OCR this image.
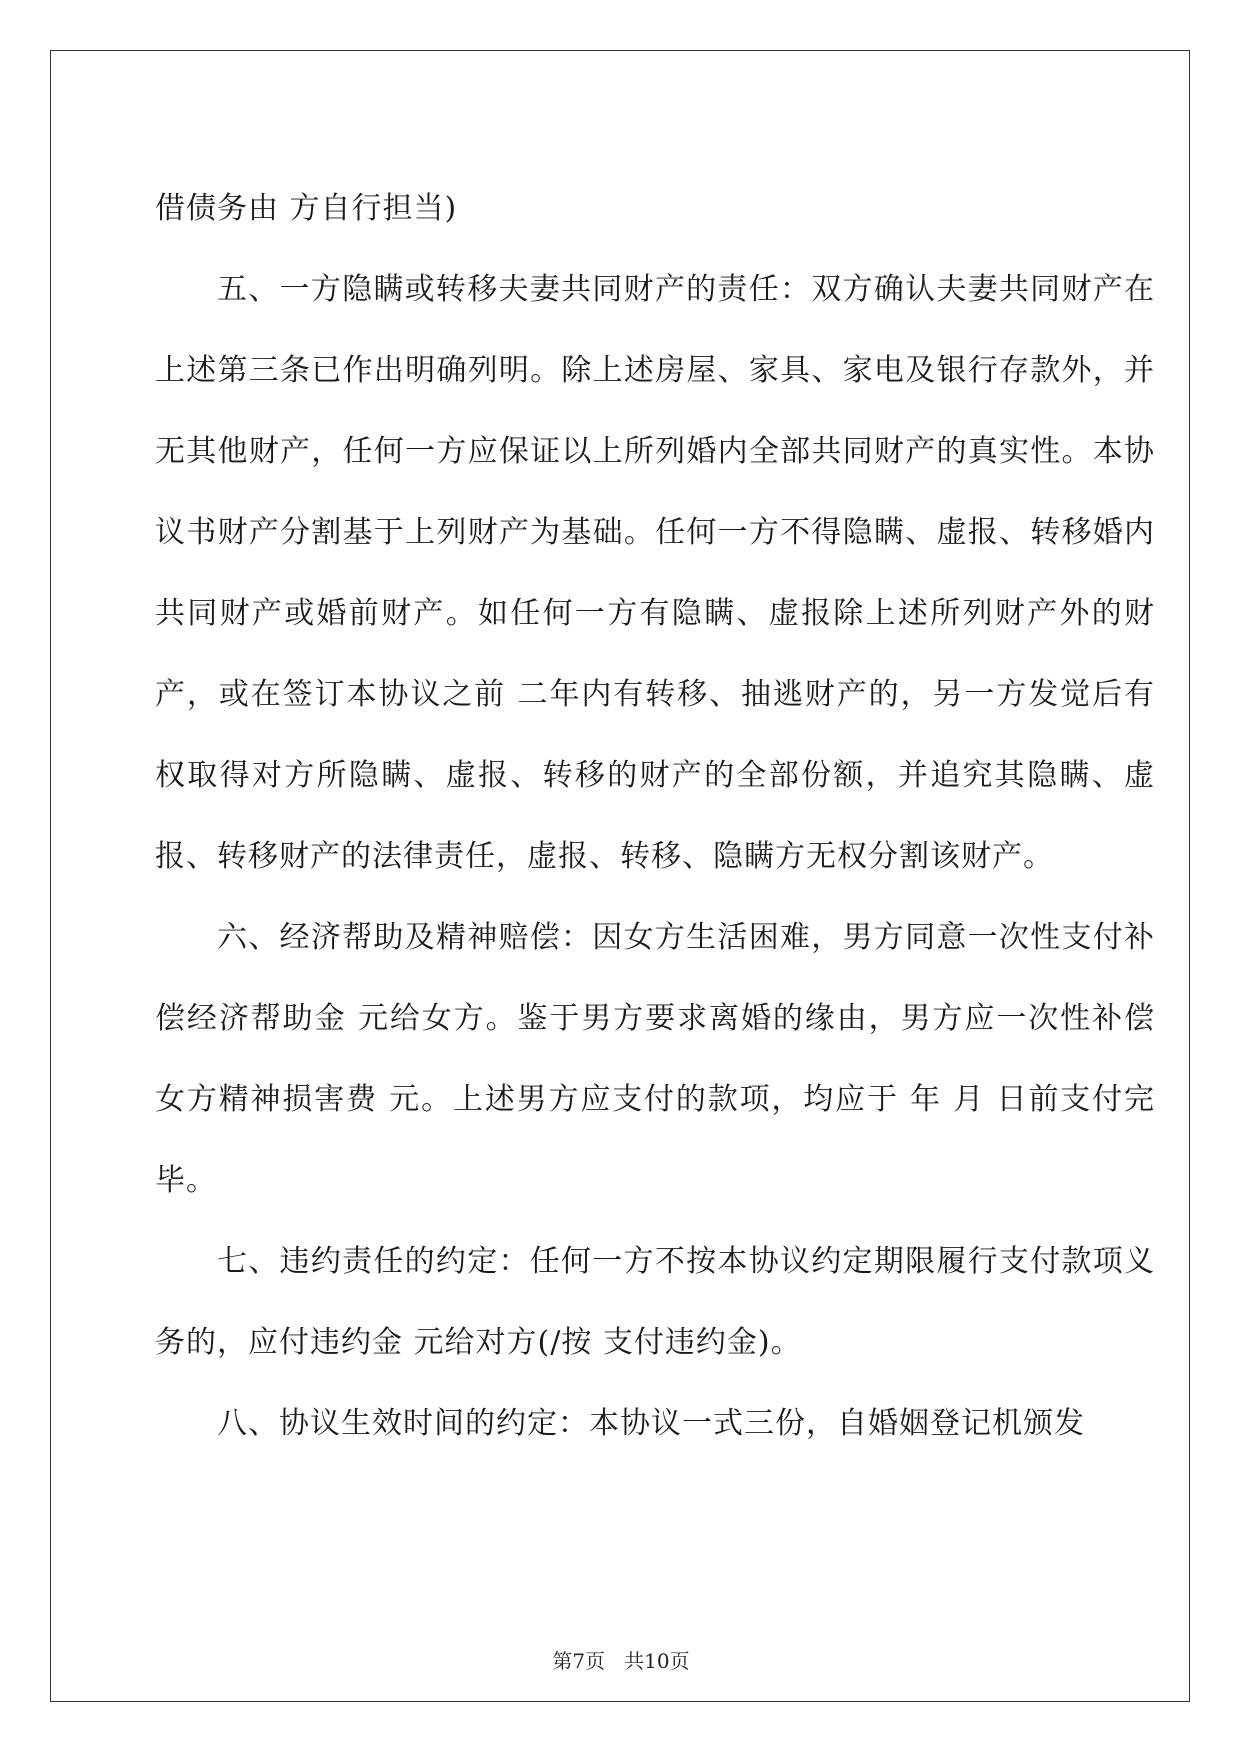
借债务由 方自行担当)

五、一方隐瞒或转移夫妻共同财产的责任：双方确认夫妻共同财产在上述第三条已作出明确列明。除上述房屋、家具、家电及银行存款外，并无其他财产，任何一方应保证以上所列婚内全部共同财产的真实性。本协议书财产分割基于上列财产为基础。任何一方不得隐瞒、虚报、转移婚内共同财产或婚前财产。如任何一方有隐瞒、虚报除上述所列财产外的财产，或在签订本协议之前 二年内有转移、抽逃财产的，另一方发觉后有权取得对方所隐瞒、虚报、转移的财产的全部份额，并追究其隐瞒、虚报、转移财产的法律责任，虚报、转移、隐瞒方无权分割该财产。

六、经济帮助及精神赔偿：因女方生活困难，男方同意一次性支付补偿经济帮助金 元给女方。鉴于男方要求离婚的缘由，男方应一次性补偿女方精神损害费 元。上述男方应支付的款项，均应于 年 月 日前支付完毕。

七、违约责任的约定：任何一方不按本协议约定期限履行支付款项义务的，应付违约金 元给对方(/按 支付违约金)。

八、协议生效时间的约定：本协议一式三份，自婚姻登记机颁发

第7页   共10页
